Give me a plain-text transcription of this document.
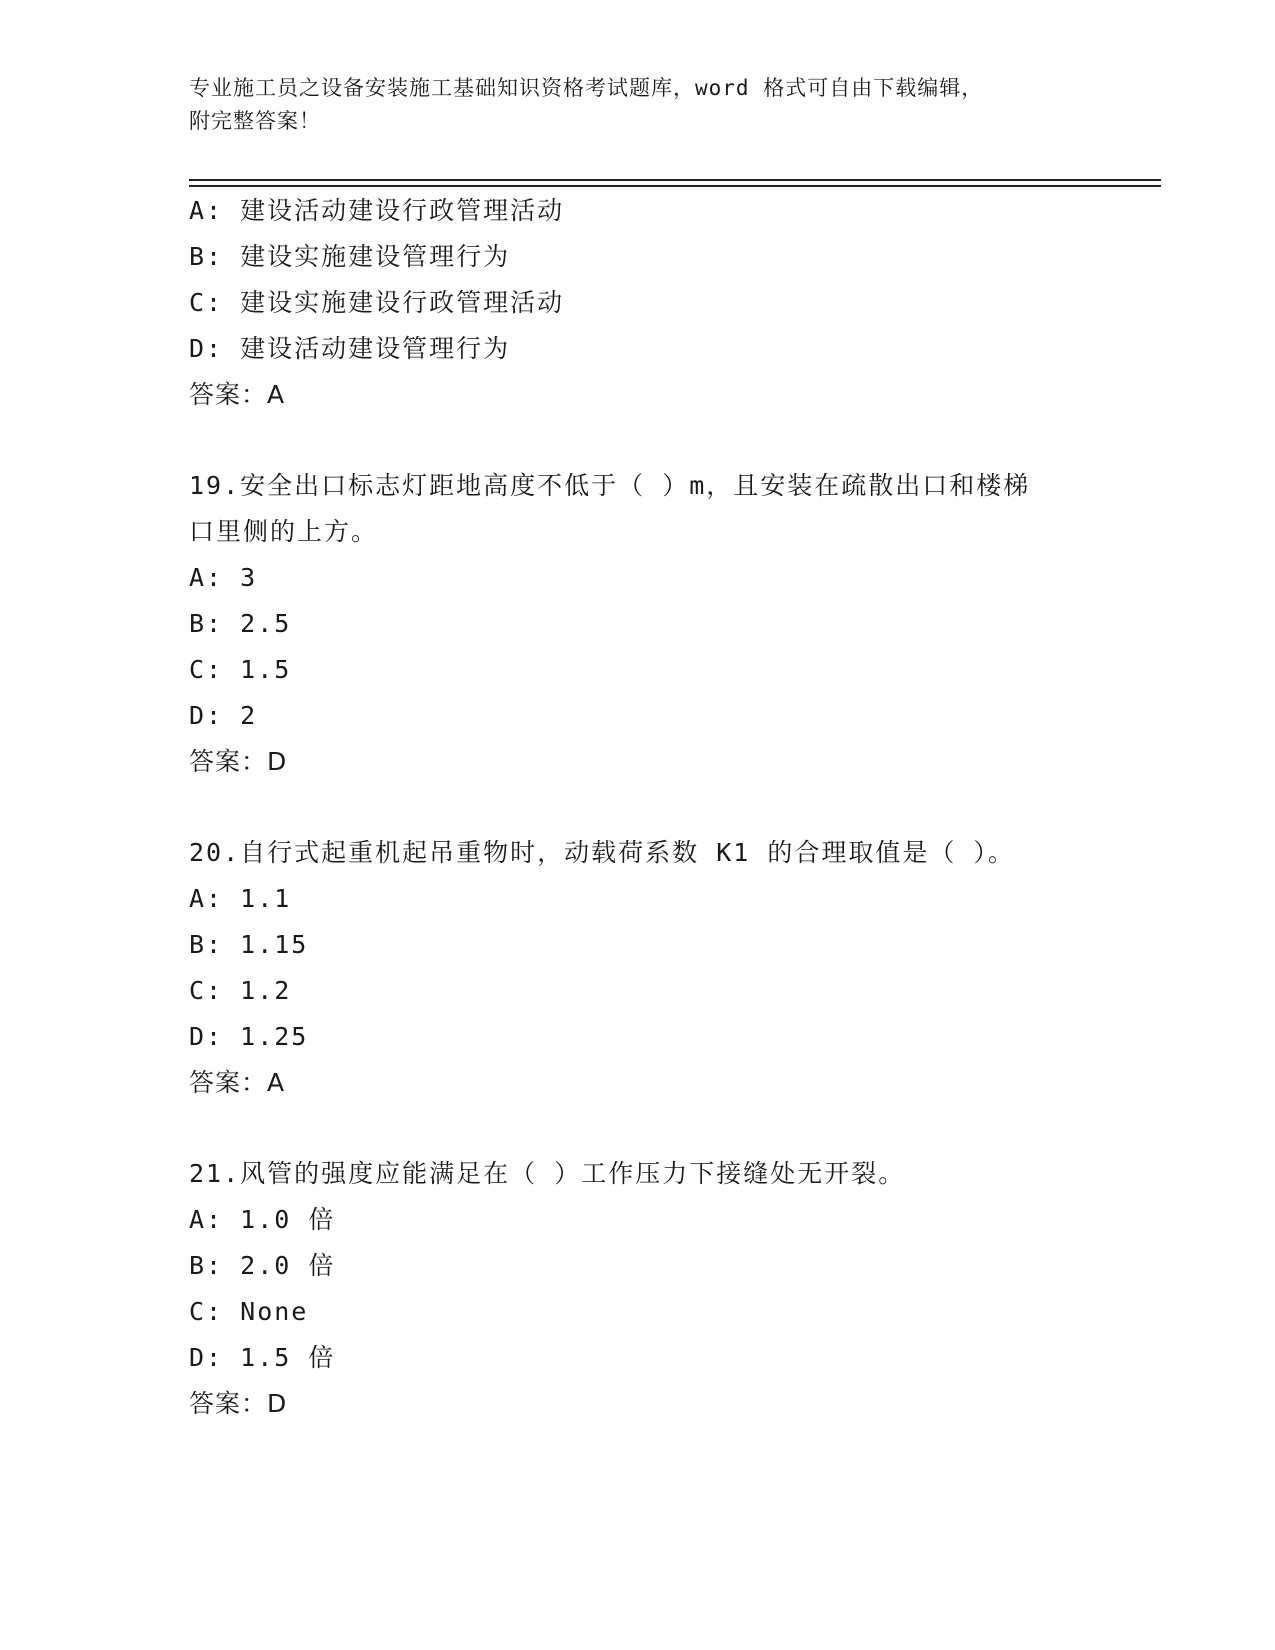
专业施工员之设备安装施工基础知识资格考试题库，word 格式可自由下载编辑，
附完整答案！
A: 建设活动建设行政管理活动
B: 建设实施建设管理行为
C: 建设实施建设行政管理活动
D: 建设活动建设管理行为
答案：A
19.安全出口标志灯距地高度不低于（ ）m，且安装在疏散出口和楼梯
口里侧的上方。
A: 3
B: 2.5
C: 1.5
D: 2
答案：D
20.自行式起重机起吊重物时，动载荷系数 K1 的合理取值是（ ）。
A: 1.1
B: 1.15
C: 1.2
D: 1.25
答案：A
21.风管的强度应能满足在（ ）工作压力下接缝处无开裂。
A: 1.0 倍
B: 2.0 倍
C: None
D: 1.5 倍
答案：D
